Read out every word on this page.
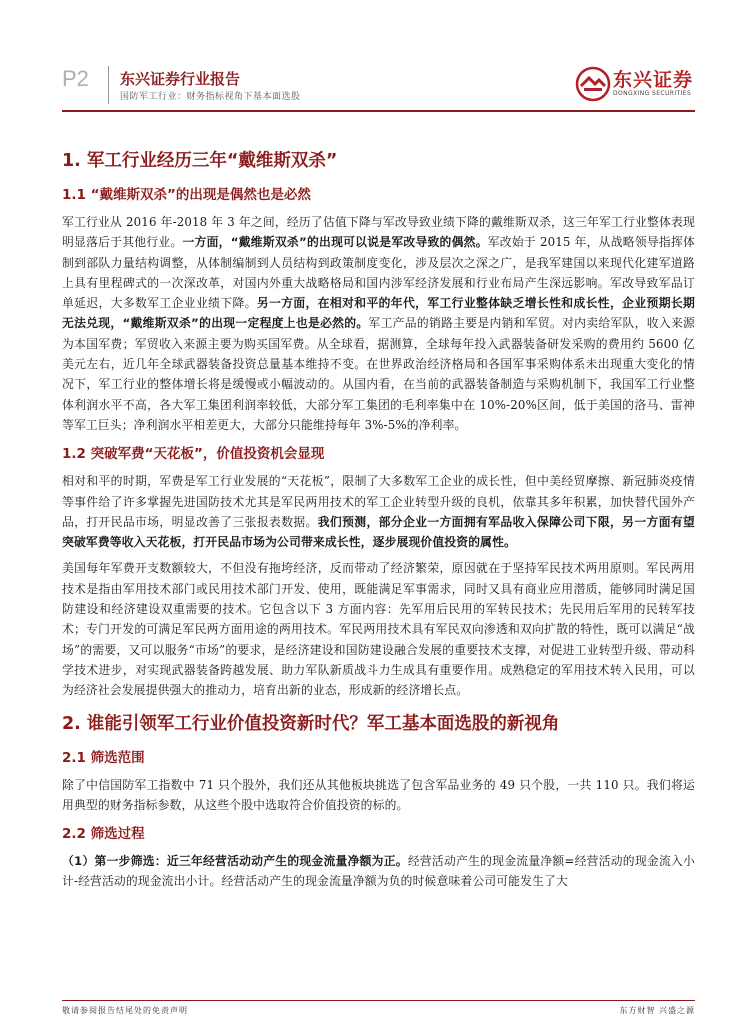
P2 东兴证券行业报告
国防军工行业：财务指标视角下基本面选股
东兴证券
DONGXING SECURITIES
1. 军工行业经历三年“戴维斯双杀”
1.1 “戴维斯双杀”的出现是偶然也是必然

军工行业从 2016 年-2018 年 3 年之间，经历了估值下降与军改导致业绩下降的戴维斯双杀，这三年军工行业整体表现明显落后于其他行业。一方面，“戴维斯双杀”的出现可以说是军改导致的偶然。军改始于 2015 年，从战略领导指挥体制到部队力量结构调整，从体制编制到人员结构到政策制度变化，涉及层次之深之广，是我军建国以来现代化建军道路上具有里程碑式的一次深改革，对国内外重大战略格局和国内涉军经济发展和行业布局产生深远影响。军改导致军品订单延迟，大多数军工企业业绩下降。另一方面，在相对和平的年代，军工行业整体缺乏增长性和成长性，企业预期长期无法兑现，“戴维斯双杀”的出现一定程度上也是必然的。军工产品的销路主要是内销和军贸。对内卖给军队，收入来源为本国军费；军贸收入来源主要为购买国军费。从全球看，据测算，全球每年投入武器装备研发采购的费用约 5600 亿美元左右，近几年全球武器装备投资总量基本维持不变。在世界政治经济格局和各国军事采购体系未出现重大变化的情况下，军工行业的整体增长将是缓慢或小幅波动的。从国内看，在当前的武器装备制造与采购机制下，我国军工行业整体利润水平不高，各大军工集团利润率较低，大部分军工集团的毛利率集中在 10%-20%区间，低于美国的洛马、雷神等军工巨头；净利润水平相差更大，大部分只能维持每年 3%-5%的净利率。

1.2 突破军费“天花板”，价值投资机会显现

相对和平的时期，军费是军工行业发展的“天花板”，限制了大多数军工企业的成长性，但中美经贸摩擦、新冠肺炎疫情等事件给了许多掌握先进国防技术尤其是军民两用技术的军工企业转型升级的良机，依靠其多年积累，加快替代国外产品，打开民品市场，明显改善了三张报表数据。我们预测，部分企业一方面拥有军品收入保障公司下限，另一方面有望突破军费等收入天花板，打开民品市场为公司带来成长性，逐步展现价值投资的属性。

美国每年军费开支数额较大，不但没有拖垮经济，反而带动了经济繁荣，原因就在于坚持军民技术两用原则。军民两用技术是指由军用技术部门或民用技术部门开发、使用，既能满足军事需求，同时又具有商业应用潜质，能够同时满足国防建设和经济建设双重需要的技术。它包含以下 3 方面内容：先军用后民用的军转民技术；先民用后军用的民转军技术；专门开发的可满足军民两方面用途的两用技术。军民两用技术具有军民双向渗透和双向扩散的特性，既可以满足“战场”的需要，又可以服务“市场”的要求，是经济建设和国防建设融合发展的重要技术支撑，对促进工业转型升级、带动科学技术进步，对实现武器装备跨越发展、助力军队新质战斗力生成具有重要作用。成熟稳定的军用技术转入民用，可以为经济社会发展提供强大的推动力，培育出新的业态，形成新的经济增长点。

2. 谁能引领军工行业价值投资新时代？军工基本面选股的新视角
2.1 筛选范围

除了中信国防军工指数中 71 只个股外，我们还从其他板块挑选了包含军品业务的 49 只个股，一共 110 只。我们将运用典型的财务指标参数，从这些个股中选取符合价值投资的标的。

2.2 筛选过程

（1）第一步筛选：近三年经营活动动产生的现金流量净额为正。经营活动产生的现金流量净额=经营活动的现金流入小计-经营活动的现金流出小计。经营活动产生的现金流量净额为负的时候意味着公司可能发生了大

敬请参阅报告结尾处的免责声明	东方财智 兴盛之源
